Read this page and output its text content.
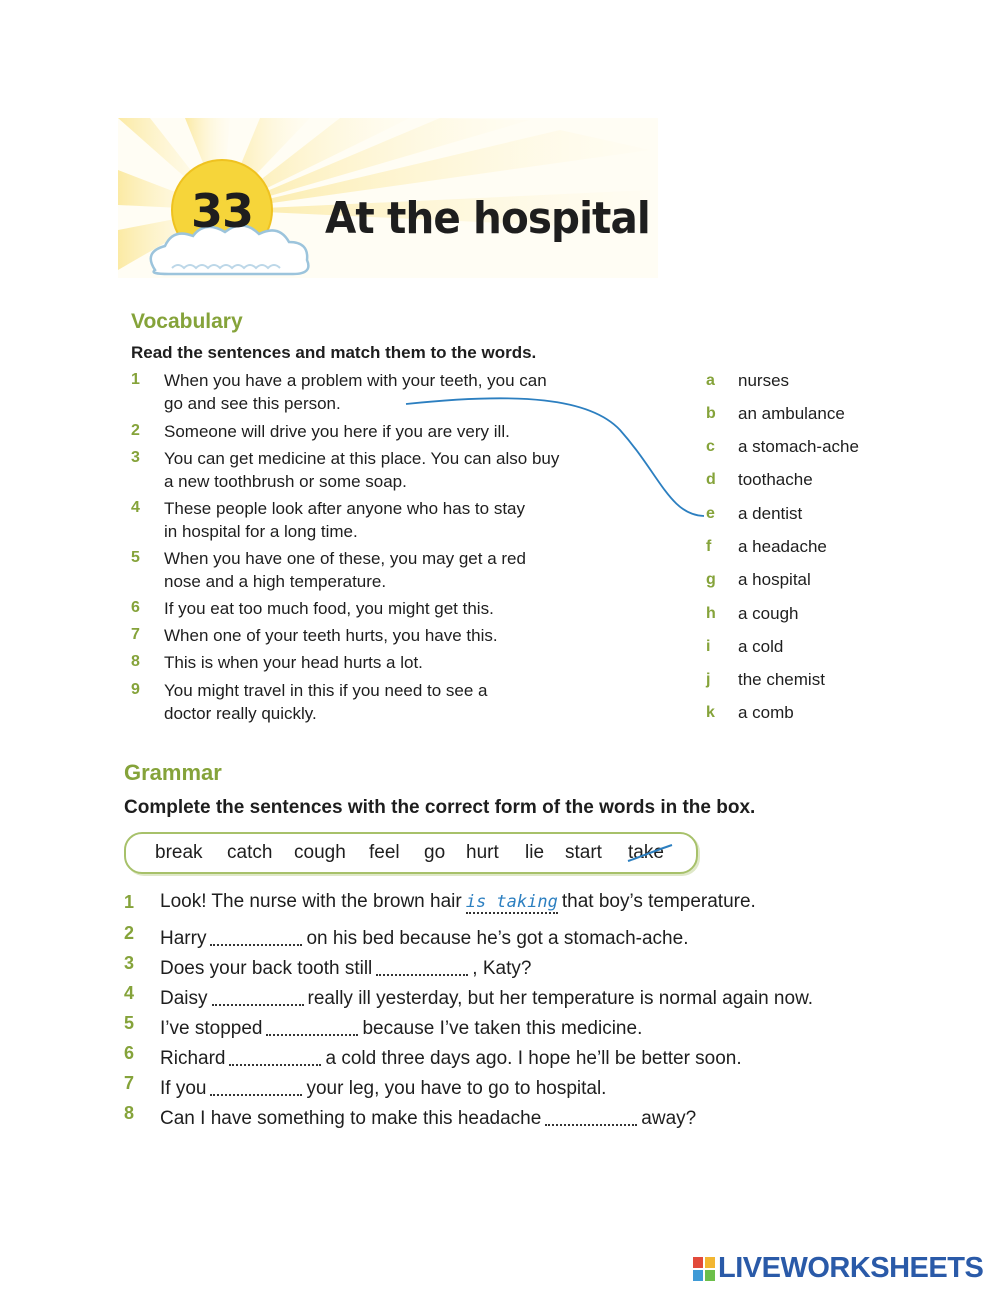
33 At the hospital
Vocabulary
Read the sentences and match them to the words.
1	When you have a problem with your teeth, you can go and see this person.
2	Someone will drive you here if you are very ill.
3	You can get medicine at this place. You can also buy a new toothbrush or some soap.
4	These people look after anyone who has to stay in hospital for a long time.
5	When you have one of these, you may get a red nose and a high temperature.
6	If you eat too much food, you might get this.
7	When one of your teeth hurts, you have this.
8	This is when your head hurts a lot.
9	You might travel in this if you need to see a doctor really quickly.
a	nurses
b	an ambulance
c	a stomach-ache
d	toothache
e	a dentist
f	a headache
g	a hospital
h	a cough
i	a cold
j	the chemist
k	a comb
Grammar
Complete the sentences with the correct form of the words in the box.
break catch cough feel go hurt lie start take
1	Look! The nurse with the brown hair is taking that boy’s temperature.
2	Harry	on his bed because he’s got a stomach-ache.
3	Does your back tooth still	, Katy?
4	Daisy	really ill yesterday, but her temperature is normal again now.
5	I’ve stopped	because I’ve taken this medicine.
6	Richard	a cold three days ago. I hope he’ll be better soon.
7	If you	your leg, you have to go to hospital.
8	Can I have something to make this headache	away?
LIVEWORKSHEETS
